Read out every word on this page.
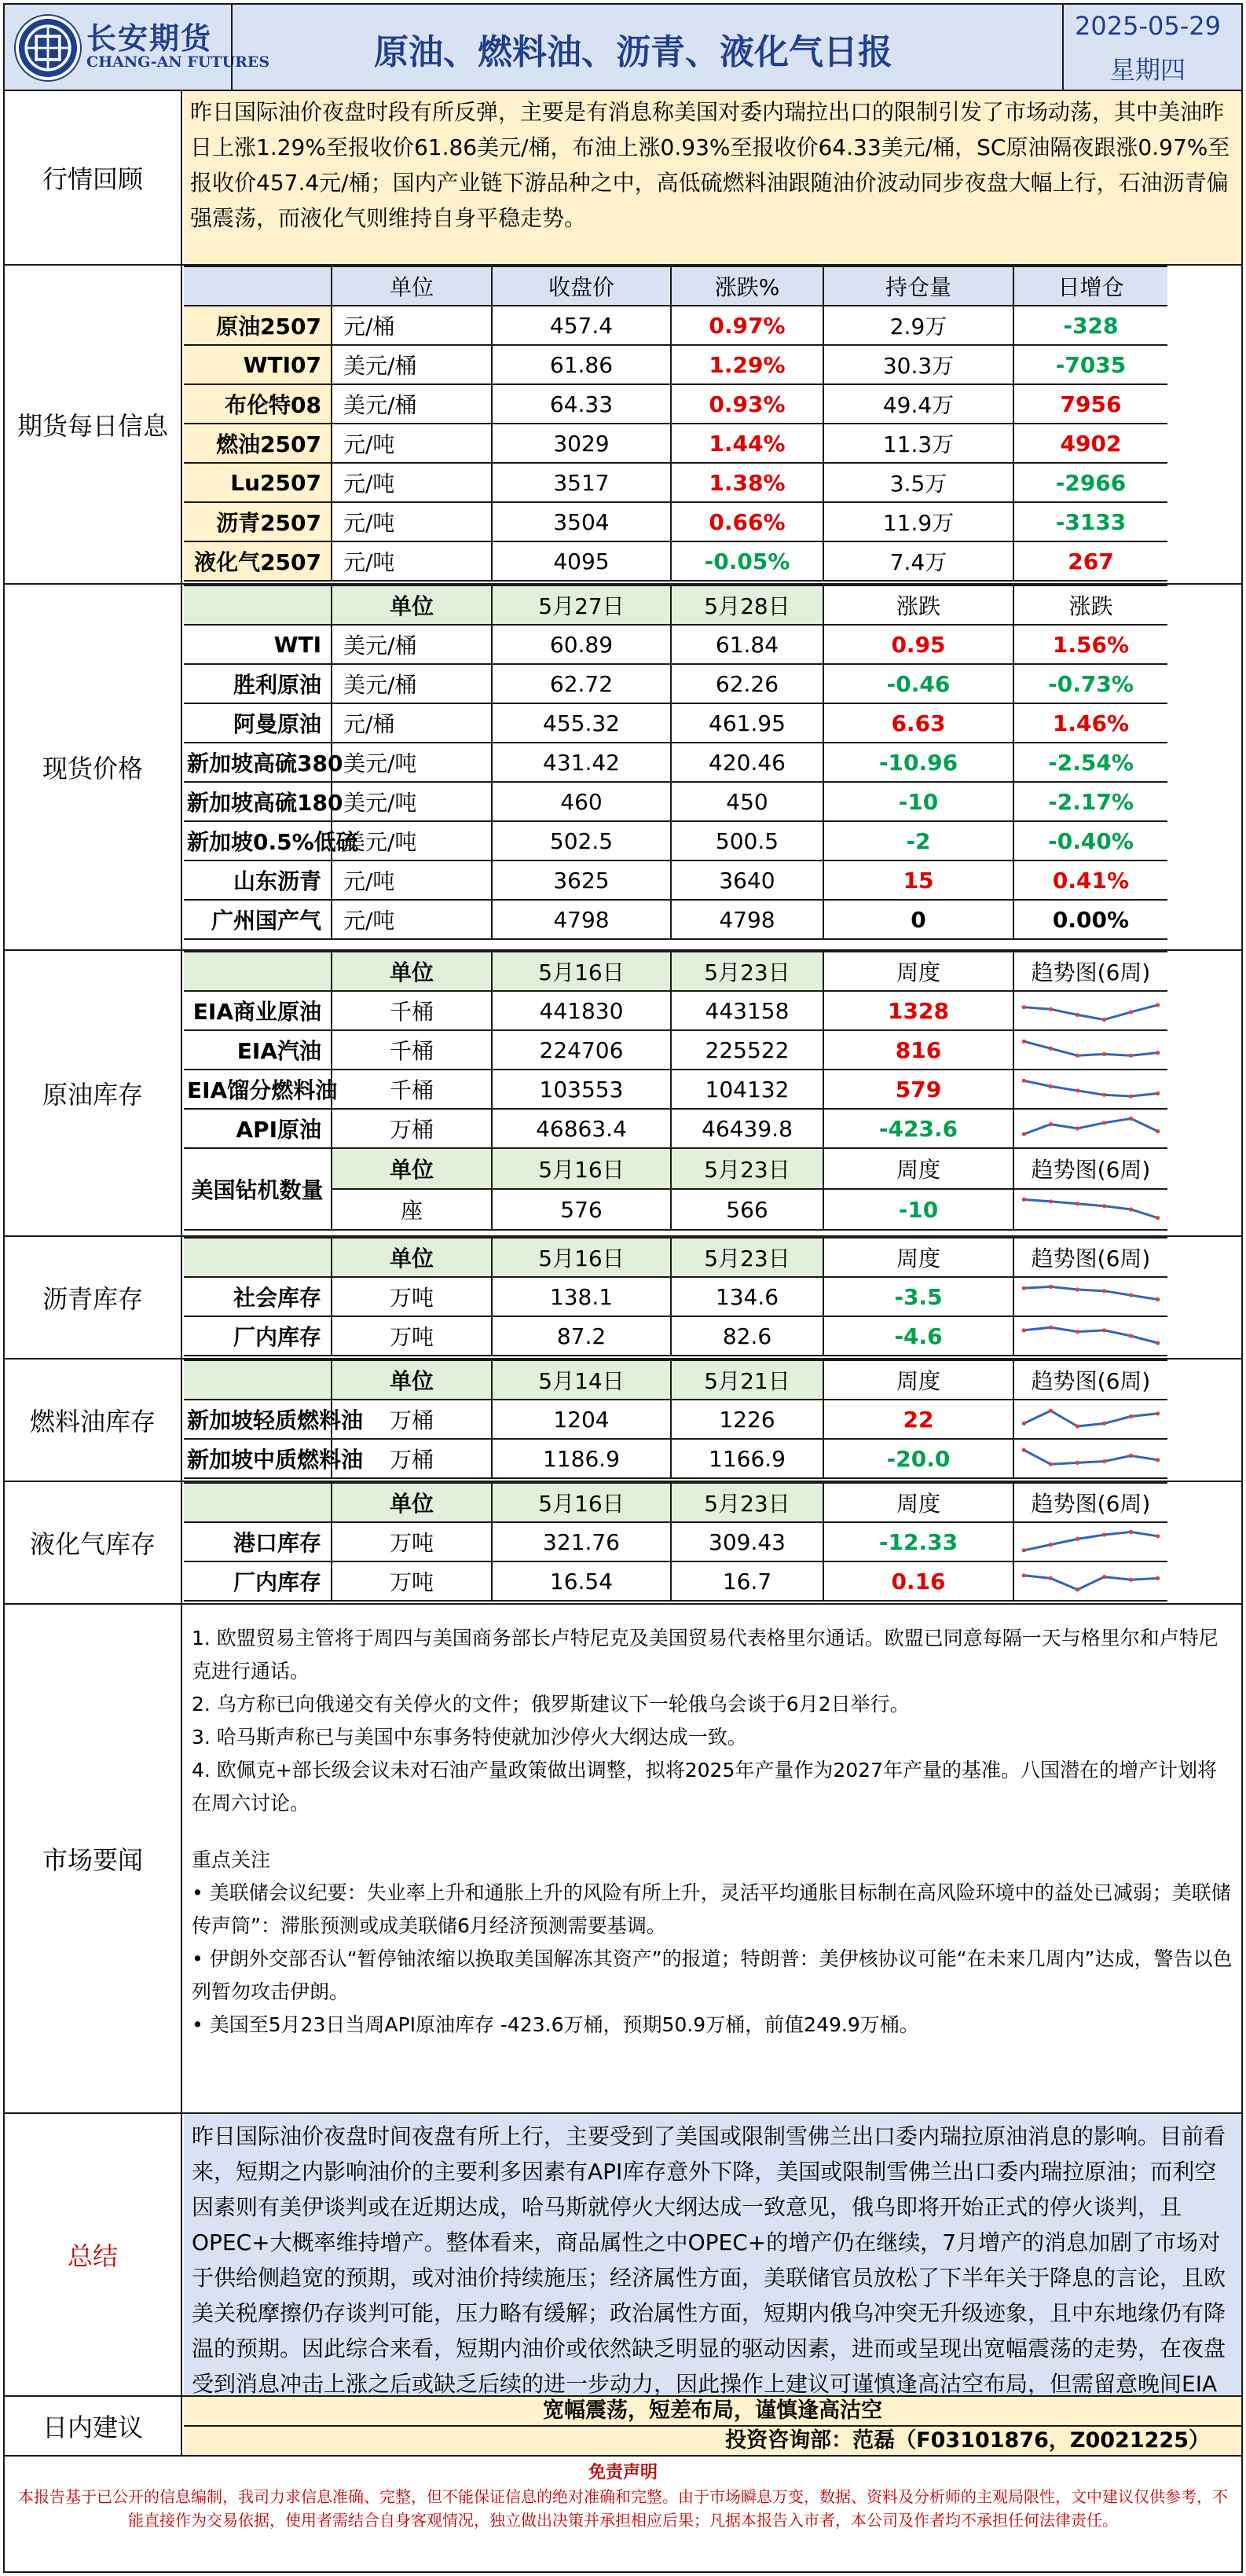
长安期货
CHANG-AN FUTURES	原油、燃料油、沥青、液化气日报
2025-05-29
星期四
行情回顾
昨日国际油价夜盘时段有所反弹，主要是有消息称美国对委内瑞拉出口的限制引发了市场动荡，其中美油昨日上涨1.29%至报收价61.86美元/桶，布油上涨0.93%至报收价64.33美元/桶，SC原油隔夜跟涨0.97%至报收价457.4元/桶；国内产业链下游品种之中，高低硫燃料油跟随油价波动同步夜盘大幅上行，石油沥青偏强震荡，而液化气则维持自身平稳走势。
期货每日信息
	单位	收盘价	涨跌%	持仓量	日增仓
原油2507	元/桶	457.4	0.97%	2.9万	-328
WTI07	美元/桶	61.86	1.29%	30.3万	-7035
布伦特08	美元/桶	64.33	0.93%	49.4万	7956
燃油2507	元/吨	3029	1.44%	11.3万	4902
Lu2507	元/吨	3517	1.38%	3.5万	-2966
沥青2507	元/吨	3504	0.66%	11.9万	-3133
液化气2507	元/吨	4095	-0.05%	7.4万	267
现货价格
	单位	5月27日	5月28日	涨跌	涨跌
WTI	美元/桶	60.89	61.84	0.95	1.56%
胜利原油	美元/桶	62.72	62.26	-0.46	-0.73%
阿曼原油	元/桶	455.32	461.95	6.63	1.46%
新加坡高硫380	美元/吨	431.42	420.46	-10.96	-2.54%
新加坡高硫180	美元/吨	460	450	-10	-2.17%
新加坡0.5%低硫	美元/吨	502.5	500.5	-2	-0.40%
山东沥青	元/吨	3625	3640	15	0.41%
广州国产气	元/吨	4798	4798	0	0.00%
原油库存
	单位	5月16日	5月23日	周度	趋势图(6周)
EIA商业原油	千桶	441830	443158	1328	

EIA汽油	千桶	224706	225522	816	

EIA馏分燃料油	千桶	103553	104132	579	

API原油	万桶	46863.4	46439.8	-423.6	

美国钻机数量	单位	5月16日	5月23日	周度	趋势图(6周)
	座	576	566	-10	
沥青库存
	单位	5月16日	5月23日	周度	趋势图(6周)
社会库存	万吨	138.1	134.6	-3.5	

厂内库存	万吨	87.2	82.6	-4.6	
燃料油库存
	单位	5月14日	5月21日	周度	趋势图(6周)
新加坡轻质燃料油	万桶	1204	1226	22	

新加坡中质燃料油	万桶	1186.9	1166.9	-20.0	
液化气库存
	单位	5月16日	5月23日	周度	趋势图(6周)
港口库存	万吨	321.76	309.43	-12.33	

厂内库存	万吨	16.54	16.7	0.16	
市场要闻

1. 欧盟贸易主管将于周四与美国商务部长卢特尼克及美国贸易代表格里尔通话。欧盟已同意每隔一天与格里尔和卢特尼克进行通话。

2. 乌方称已向俄递交有关停火的文件；俄罗斯建议下一轮俄乌会谈于6月2日举行。

3. 哈马斯声称已与美国中东事务特使就加沙停火大纲达成一致。

4. 欧佩克+部长级会议未对石油产量政策做出调整，拟将2025年产量作为2027年产量的基准。八国潜在的增产计划将在周六讨论。

重点关注

• 美联储会议纪要：失业率上升和通胀上升的风险有所上升，灵活平均通胀目标制在高风险环境中的益处已减弱；美联储传声筒”：滞胀预测或成美联储6月经济预测需要基调。

• 伊朗外交部否认“暂停铀浓缩以换取美国解冻其资产”的报道；特朗普：美伊核协议可能“在未来几周内”达成，警告以色列暂勿攻击伊朗。

• 美国至5月23日当周API原油库存 -423.6万桶，预期50.9万桶，前值249.9万桶。

总结
昨日国际油价夜盘时间夜盘有所上行，主要受到了美国或限制雪佛兰出口委内瑞拉原油消息的影响。目前看来，短期之内影响油价的主要利多因素有API库存意外下降，美国或限制雪佛兰出口委内瑞拉原油；而利空因素则有美伊谈判或在近期达成，哈马斯就停火大纲达成一致意见，俄乌即将开始正式的停火谈判，且OPEC+大概率维持增产。整体看来，商品属性之中OPEC+的增产仍在继续，7月增产的消息加剧了市场对于供给侧趋宽的预期，或对油价持续施压；经济属性方面，美联储官员放松了下半年关于降息的言论，且欧美关税摩擦仍存谈判可能，压力略有缓解；政治属性方面，短期内俄乌冲突无升级迹象，且中东地缘仍有降温的预期。因此综合来看，短期内油价或依然缺乏明显的驱动因素，进而或呈现出宽幅震荡的走势，在夜盘受到消息冲击上涨之后或缺乏后续的进一步动力，因此操作上建议可谨慎逢高沽空布局，但需留意晚间EIA
日内建议
宽幅震荡，短差布局，谨慎逢高沽空
投资咨询部：范磊（F03101876，Z0021225）
免责声明
本报告基于已公开的信息编制，我司力求信息准确、完整，但不能保证信息的绝对准确和完整。由于市场瞬息万变，数据、资料及分析师的主观局限性，文中建议仅供参考，不能直接作为交易依据，使用者需结合自身客观情况，独立做出决策并承担相应后果；凡据本报告入市者，本公司及作者均不承担任何法律责任。
